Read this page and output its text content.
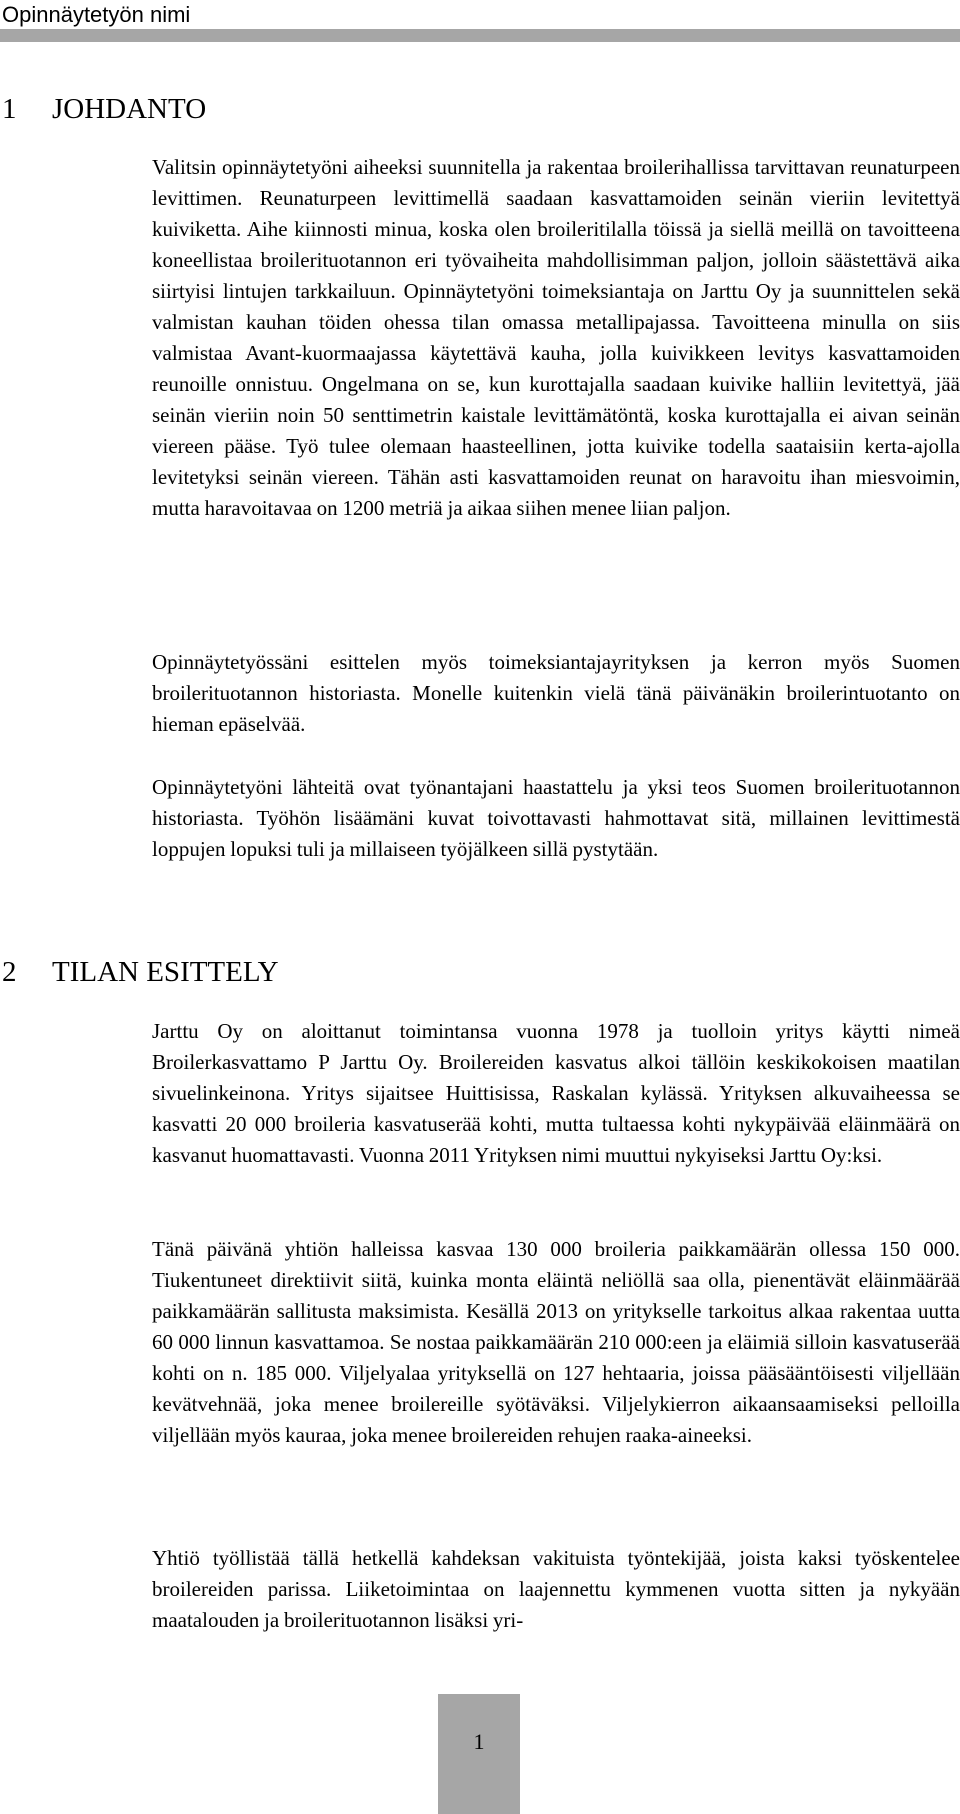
Opinnäytetyön nimi
1 JOHDANTO

Valitsin opinnäytetyöni aiheeksi suunnitella ja rakentaa broilerihallissa tarvittavan reunaturpeen levittimen. Reunaturpeen levittimellä saadaan kasvattamoiden seinän vieriin levitettyä kuiviketta. Aihe kiinnosti minua, koska olen broileritilalla töissä ja siellä meillä on tavoitteena koneellistaa broilerituotannon eri työvaiheita mahdollisimman paljon, jolloin säästettävä aika siirtyisi lintujen tarkkailuun. Opinnäytetyöni toimeksiantaja on Jarttu Oy ja suunnittelen sekä valmistan kauhan töiden ohessa tilan omassa metallipajassa. Tavoitteena minulla on siis valmistaa Avant-kuormaajassa käytettävä kauha, jolla kuivikkeen levitys kasvattamoiden reunoille onnistuu. Ongelmana on se, kun kurottajalla saadaan kuivike halliin levitettyä, jää seinän vieriin noin 50 senttimetrin kaistale levittämätöntä, koska kurottajalla ei aivan seinän viereen pääse. Työ tulee olemaan haasteellinen, jotta kuivike todella saataisiin kerta-ajolla levitetyksi seinän viereen. Tähän asti kasvattamoiden reunat on haravoitu ihan miesvoimin, mutta haravoitavaa on 1200 metriä ja aikaa siihen menee liian paljon.

Opinnäytetyössäni esittelen myös toimeksiantajayrityksen ja kerron myös Suomen broilerituotannon historiasta. Monelle kuitenkin vielä tänä päivänäkin broilerintuotanto on hieman epäselvää.

Opinnäytetyöni lähteitä ovat työnantajani haastattelu ja yksi teos Suomen broilerituotannon historiasta. Työhön lisäämäni kuvat toivottavasti hahmottavat sitä, millainen levittimestä loppujen lopuksi tuli ja millaiseen työjälkeen sillä pystytään.

2 TILAN ESITTELY

Jarttu Oy on aloittanut toimintansa vuonna 1978 ja tuolloin yritys käytti nimeä Broilerkasvattamo P Jarttu Oy. Broilereiden kasvatus alkoi tällöin keskikokoisen maatilan sivuelinkeinona. Yritys sijaitsee Huittisissa, Raskalan kylässä. Yrityksen alkuvaiheessa se kasvatti 20 000 broileria kasvatuserää kohti, mutta tultaessa kohti nykypäivää eläinmäärä on kasvanut huomattavasti. Vuonna 2011 Yrityksen nimi muuttui nykyiseksi Jarttu Oy:ksi.

Tänä päivänä yhtiön halleissa kasvaa 130 000 broileria paikkamäärän ollessa 150 000. Tiukentuneet direktiivit siitä, kuinka monta eläintä neliöllä saa olla, pienentävät eläinmäärää paikkamäärän sallitusta maksimista. Kesällä 2013 on yritykselle tarkoitus alkaa rakentaa uutta 60 000 linnun kasvattamoa. Se nostaa paikkamäärän 210 000:een ja eläimiä silloin kasvatuserää kohti on n. 185 000. Viljelyalaa yrityksellä on 127 hehtaaria, joissa pääsääntöisesti viljellään kevätvehnää, joka menee broilereille syötäväksi. Viljelykierron aikaansaamiseksi pelloilla viljellään myös kauraa, joka menee broilereiden rehujen raaka-aineeksi.

Yhtiö työllistää tällä hetkellä kahdeksan vakituista työntekijää, joista kaksi työskentelee broilereiden parissa. Liiketoimintaa on laajennettu kymmenen vuotta sitten ja nykyään maatalouden ja broilerituotannon lisäksi yri-

1
